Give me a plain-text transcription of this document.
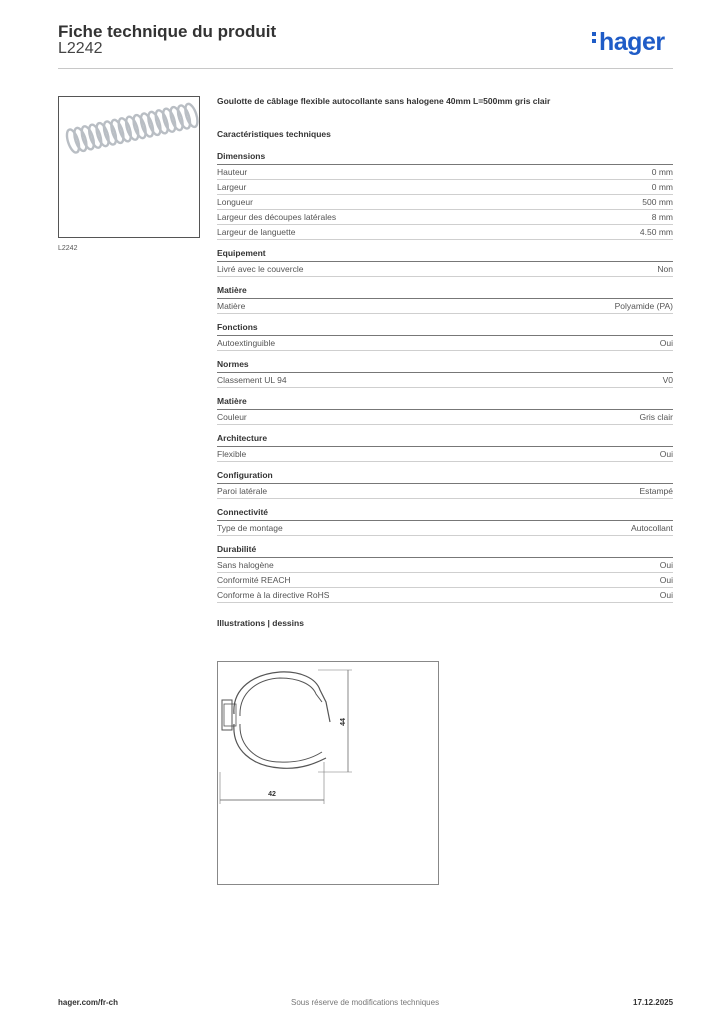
Fiche technique du produit
L2242	hager
L2242
Goulotte de câblage flexible autocollante sans halogene 40mm L=500mm gris clair
Caractéristiques techniques
Dimensions
Hauteur	0 mm
Largeur	0 mm
Longueur	500 mm
Largeur des découpes latérales	8 mm
Largeur de languette	4.50 mm
Equipement
Livré avec le couvercle	Non
Matière
Matière	Polyamide (PA)
Fonctions
Autoextinguible	Oui
Normes
Classement UL 94	V0
Matière
Couleur	Gris clair
Architecture
Flexible	Oui
Configuration
Paroi latérale	Estampé
Connectivité
Type de montage	Autocollant
Durabilité
Sans halogène	Oui
Conformité REACH	Oui
Conforme à la directive RoHS	Oui
Illustrations | dessins
44
42
hager.com/fr-ch	Sous réserve de modifications techniques	17.12.2025
